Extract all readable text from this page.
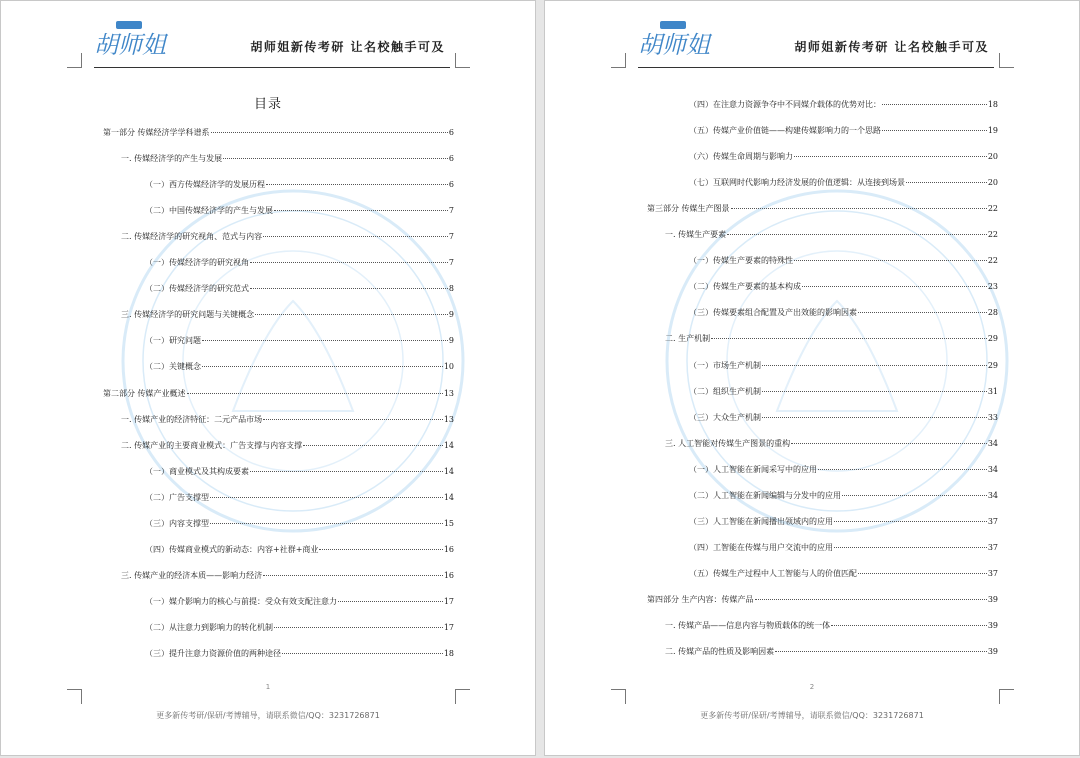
胡师姐	胡师姐新传考研 让名校触手可及
目录
1
更多新传考研/保研/考博辅导，请联系微信/QQ：3231726871
第一部分 传媒经济学学科谱系	6
一. 传媒经济学的产生与发展	6
（一）西方传媒经济学的发展历程	6
（二）中国传媒经济学的产生与发展	7
二. 传媒经济学的研究视角、范式与内容	7
（一）传媒经济学的研究视角	7
（二）传媒经济学的研究范式	8
三. 传媒经济学的研究问题与关键概念	9
（一）研究问题	9
（二）关键概念	10
第二部分 传媒产业概述	13
一. 传媒产业的经济特征：二元产品市场	13
二. 传媒产业的主要商业模式：广告支撑与内容支撑	14
（一）商业模式及其构成要素	14
（二）广告支撑型	14
（三）内容支撑型	15
（四）传媒商业模式的新动态：内容+社群+商业	16
三. 传媒产业的经济本质——影响力经济	16
（一）媒介影响力的核心与前提：受众有效支配注意力	17
（二）从注意力到影响力的转化机制	17
（三）提升注意力资源价值的两种途径	18
胡师姐	胡师姐新传考研 让名校触手可及
2
更多新传考研/保研/考博辅导，请联系微信/QQ：3231726871
（四）在注意力资源争夺中不同媒介载体的优势对比：	18
（五）传媒产业价值链——构建传媒影响力的一个思路	19
（六）传媒生命周期与影响力	20
（七）互联网时代影响力经济发展的价值逻辑：从连接到场景	20
第三部分 传媒生产图景	22
一. 传媒生产要素	22
（一）传媒生产要素的特殊性	22
（二）传媒生产要素的基本构成	23
（三）传媒要素组合配置及产出效能的影响因素	28
二. 生产机制	29
（一）市场生产机制	29
（二）组织生产机制	31
（三）大众生产机制	33
三. 人工智能对传媒生产图景的重构	34
（一）人工智能在新闻采写中的应用	34
（二）人工智能在新闻编辑与分发中的应用	34
（三）人工智能在新闻播出领域内的应用	37
（四）工智能在传媒与用户交流中的应用	37
（五）传媒生产过程中人工智能与人的价值匹配	37
第四部分 生产内容：传媒产品	39
一. 传媒产品——信息内容与物质载体的统一体	39
二. 传媒产品的性质及影响因素	39
